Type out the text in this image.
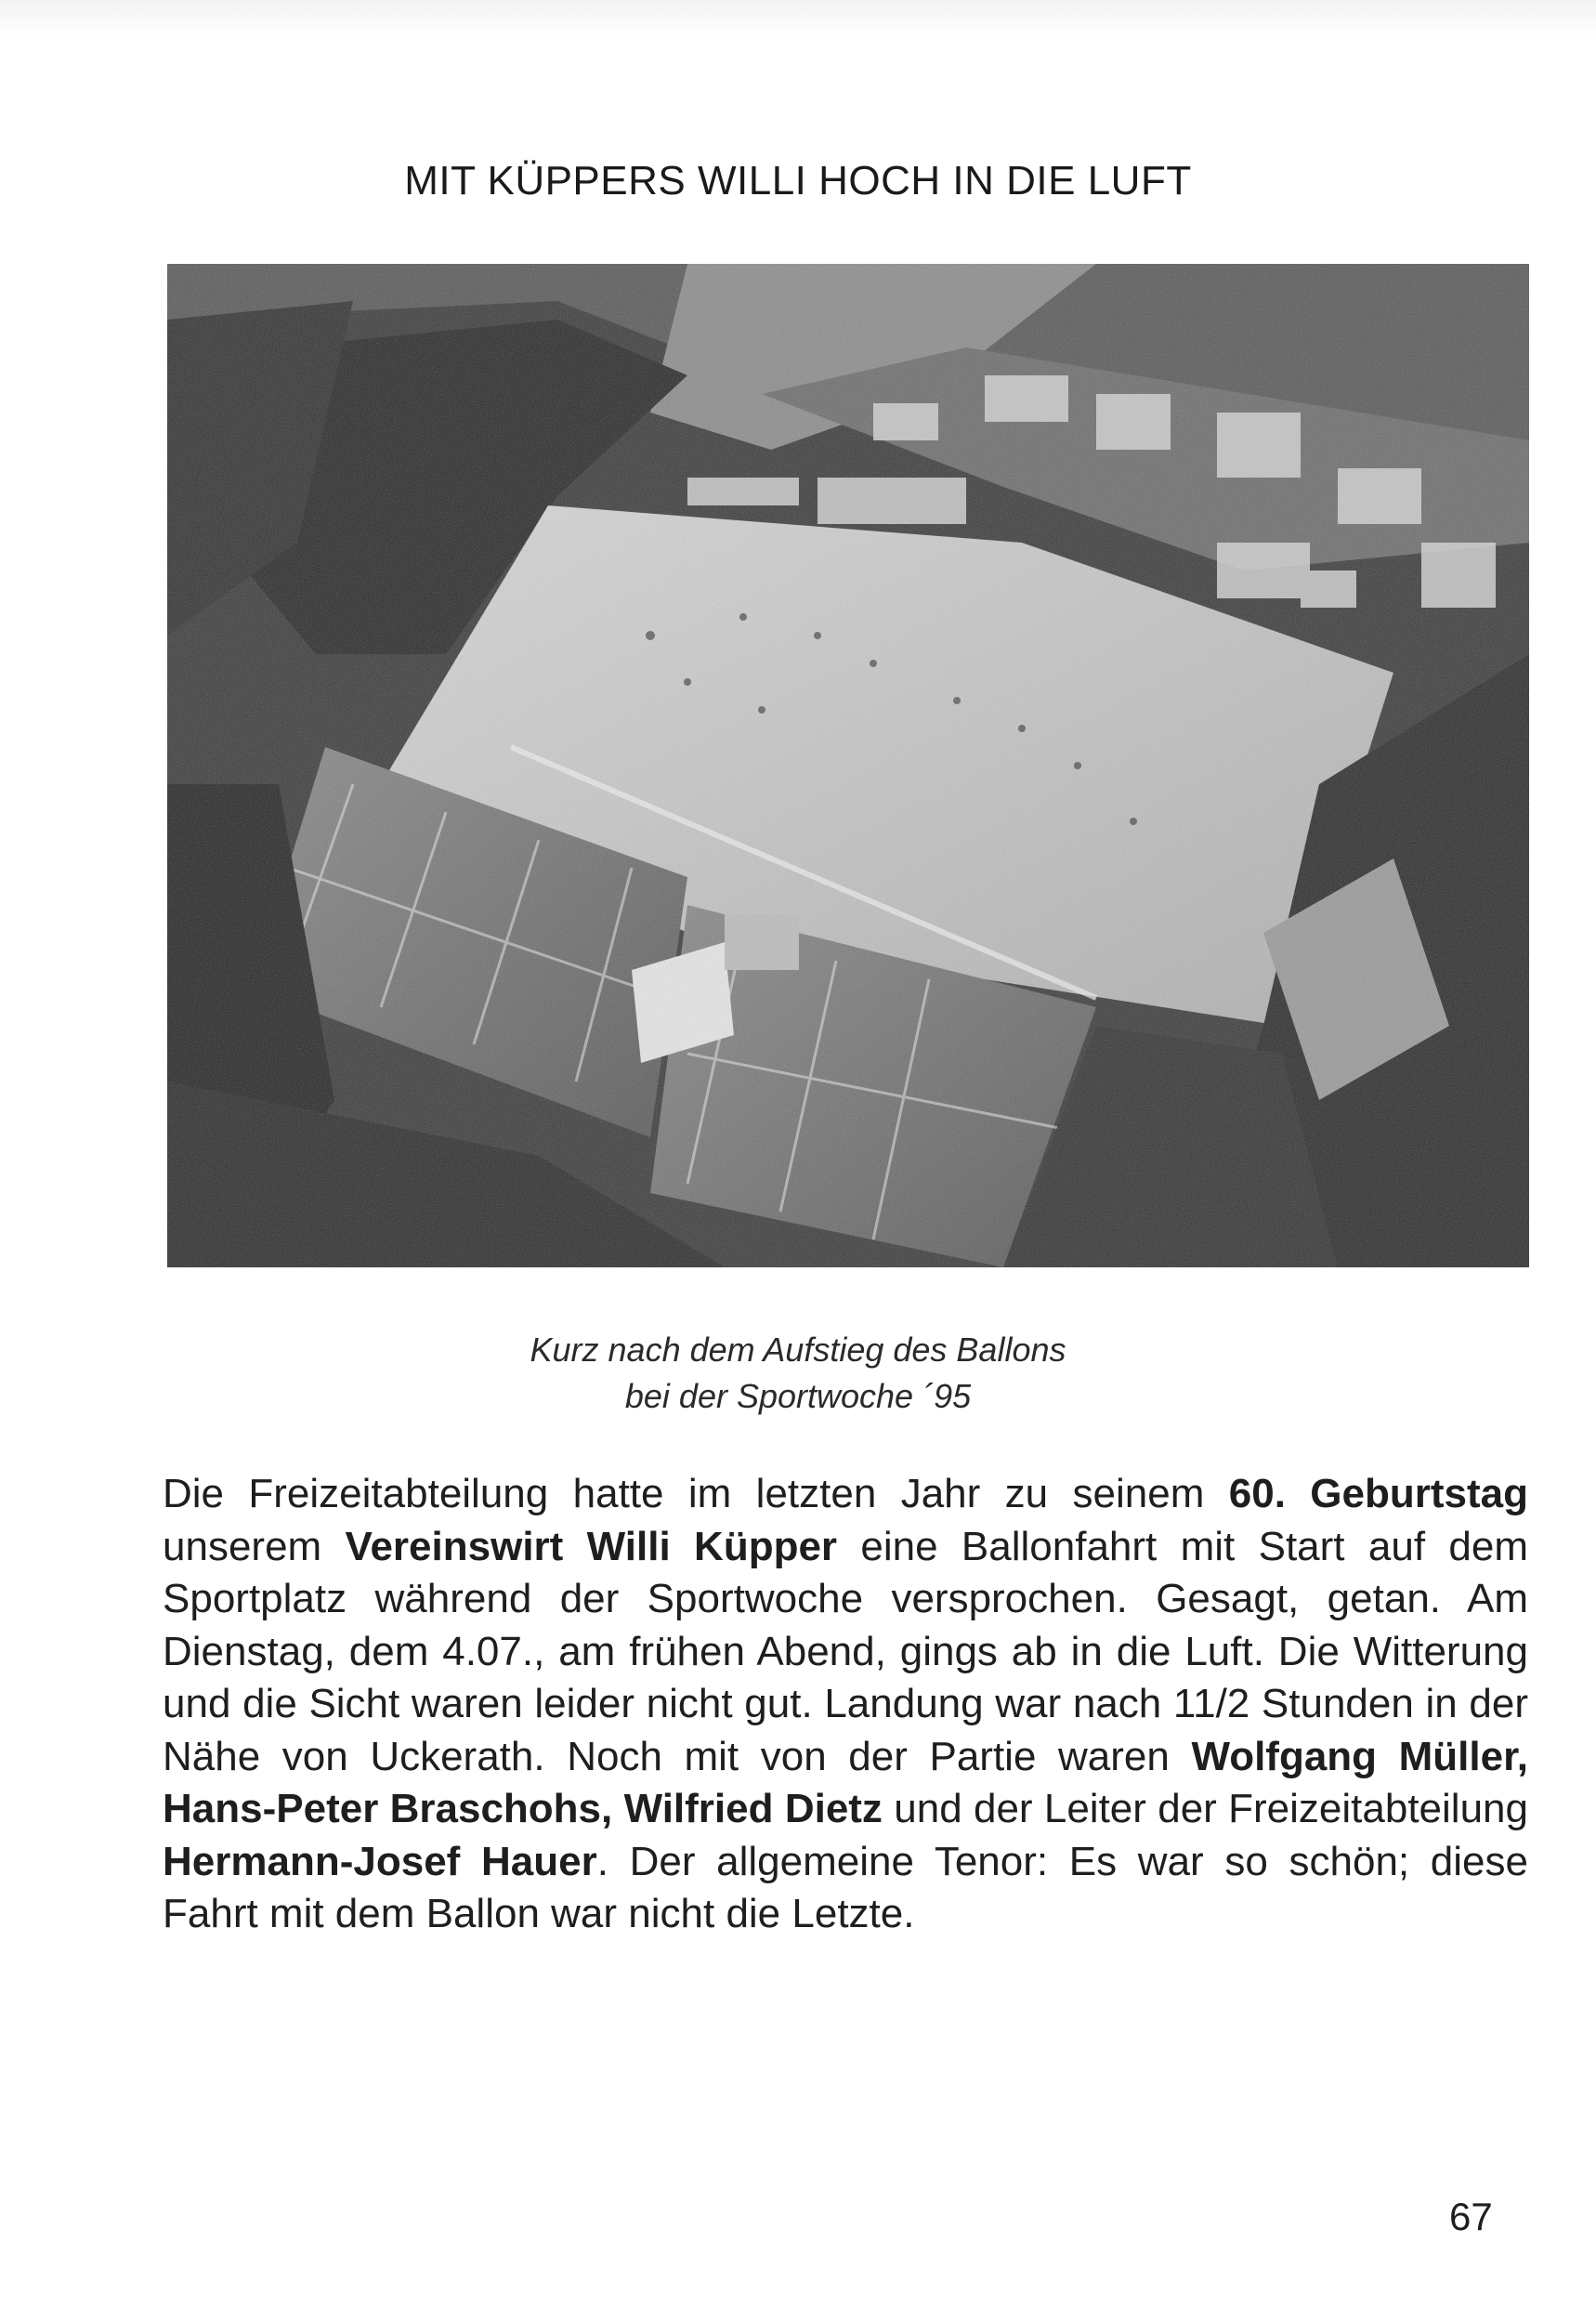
MIT KÜPPERS WILLI HOCH IN DIE LUFT
Kurz nach dem Aufstieg des Ballons
bei der Sportwoche ´95
Die Freizeitabteilung hatte im letzten Jahr zu seinem 60. Geburtstag unserem Vereinswirt Willi Küpper eine Ballonfahrt mit Start auf dem Sportplatz während der Sportwoche versprochen. Gesagt, getan. Am Dienstag, dem 4.07., am frühen Abend, gings ab in die Luft. Die Witterung und die Sicht waren leider nicht gut. Landung war nach 11/2 Stunden in der Nähe von Uckerath. Noch mit von der Partie waren Wolfgang Müller, Hans-Peter Braschohs, Wilfried Dietz und der Leiter der Freizeitabteilung Hermann-Josef Hauer. Der allgemeine Tenor: Es war so schön; diese Fahrt mit dem Ballon war nicht die Letzte.
67
